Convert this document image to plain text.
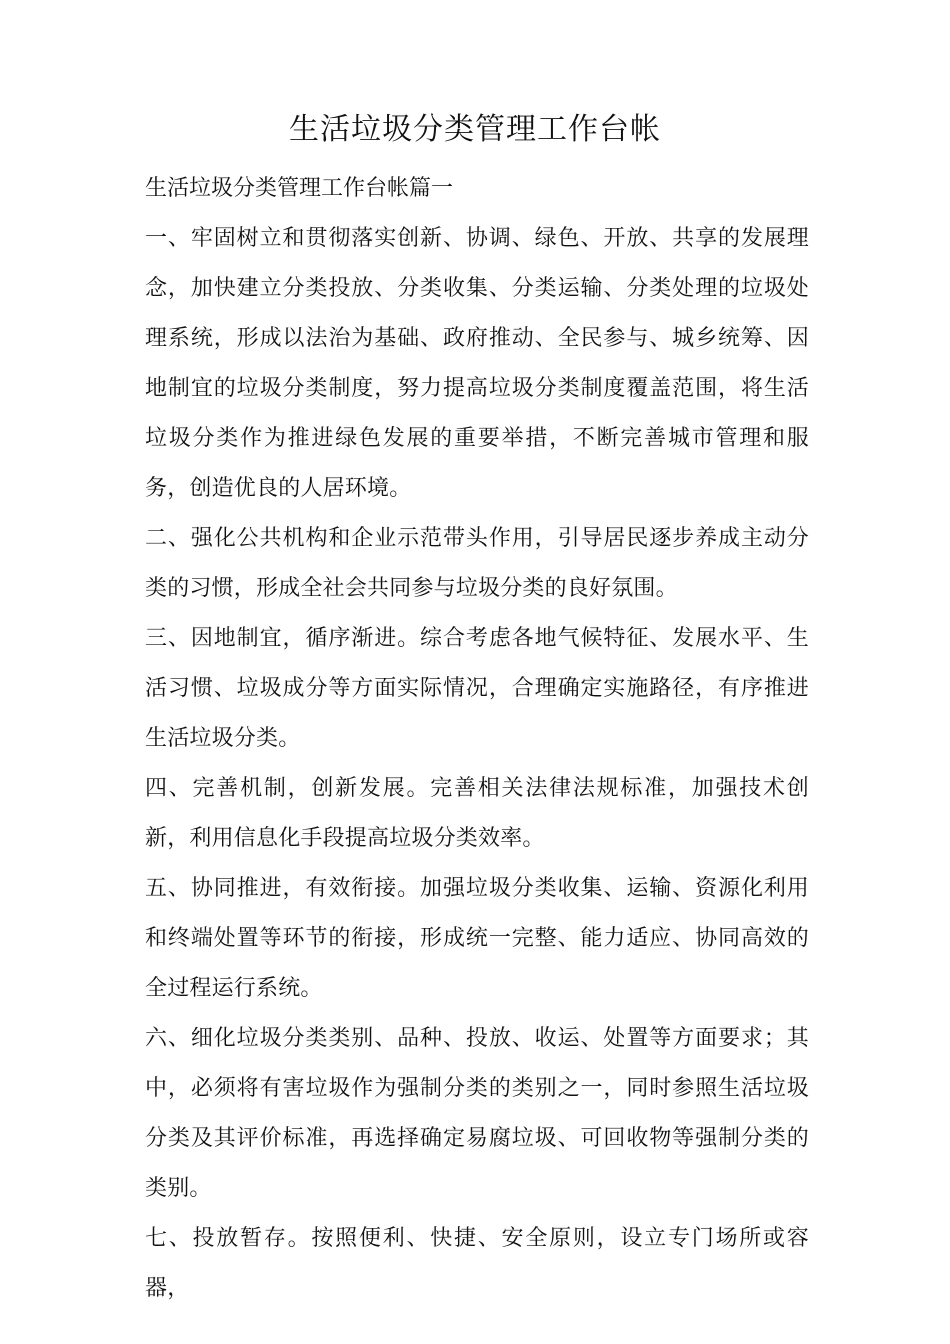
生活垃圾分类管理工作台帐

生活垃圾分类管理工作台帐篇一

一、牢固树立和贯彻落实创新、协调、绿色、开放、共享的发展理念，加快建立分类投放、分类收集、分类运输、分类处理的垃圾处理系统，形成以法治为基础、政府推动、全民参与、城乡统筹、因地制宜的垃圾分类制度，努力提高垃圾分类制度覆盖范围，将生活垃圾分类作为推进绿色发展的重要举措，不断完善城市管理和服务，创造优良的人居环境。

二、强化公共机构和企业示范带头作用，引导居民逐步养成主动分类的习惯，形成全社会共同参与垃圾分类的良好氛围。

三、因地制宜，循序渐进。综合考虑各地气候特征、发展水平、生活习惯、垃圾成分等方面实际情况，合理确定实施路径，有序推进生活垃圾分类。

四、完善机制，创新发展。完善相关法律法规标准，加强技术创新，利用信息化手段提高垃圾分类效率。

五、协同推进，有效衔接。加强垃圾分类收集、运输、资源化利用和终端处置等环节的衔接，形成统一完整、能力适应、协同高效的全过程运行系统。

六、细化垃圾分类类别、品种、投放、收运、处置等方面要求；其中，必须将有害垃圾作为强制分类的类别之一，同时参照生活垃圾分类及其评价标准，再选择确定易腐垃圾、可回收物等强制分类的类别。

七、投放暂存。按照便利、快捷、安全原则，设立专门场所或容器，
